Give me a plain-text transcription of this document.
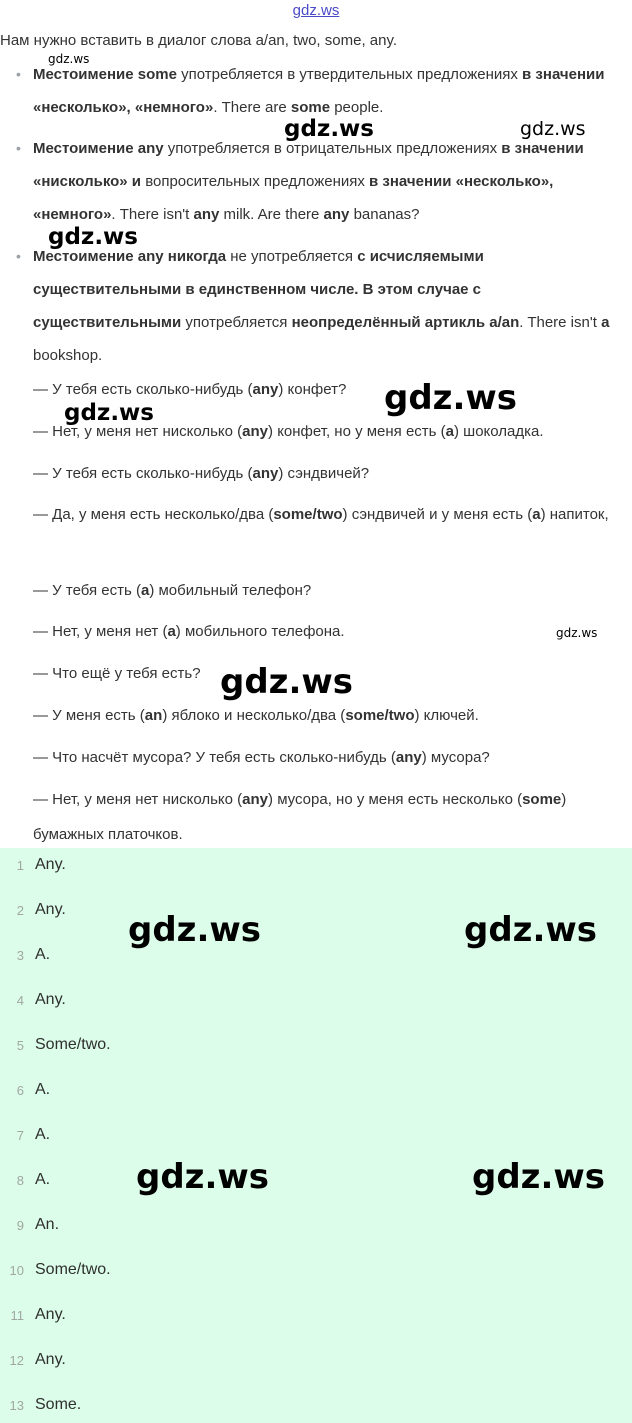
gdz.ws
Нам нужно вставить в диалог слова a/an, two, some, any.
• Местоимение some употребляется в утвердительных предложениях в значении «несколько», «немного». There are some people.
• Местоимение any употребляется в отрицательных предложениях в значении «нисколько» и вопросительных предложениях в значении «несколько», «немного». There isn't any milk. Are there any bananas?
• Местоимение any никогда не употребляется с исчисляемыми существительными в единственном числе. В этом случае с существительными употребляется неопределённый артикль a/an. There isn't a bookshop.
— У тебя есть сколько-нибудь (any) конфет?
— Нет, у меня нет нисколько (any) конфет, но у меня есть (a) шоколадка.
— У тебя есть сколько-нибудь (any) сэндвичей?
— Да, у меня есть несколько/два (some/two) сэндвичей и у меня есть (a) напиток,
— У тебя есть (a) мобильный телефон?
— Нет, у меня нет (a) мобильного телефона.
— Что ещё у тебя есть?
— У меня есть (an) яблоко и несколько/два (some/two) ключей.
— Что насчёт мусора? У тебя есть сколько-нибудь (any) мусора?
— Нет, у меня нет нисколько (any) мусора, но у меня есть несколько (some) бумажных платочков.
1 Any.
2 Any.
3 A.
4 Any.
5 Some/two.
6 A.
7 A.
8 A.
9 An.
10 Some/two.
11 Any.
12 Any.
13 Some.
gdz.ws
gdz.ws	gdz.ws
gdz.ws
gdz.ws
gdz.ws
gdz.ws
gdz.ws
gdz.ws	gdz.ws
gdz.ws	gdz.ws
